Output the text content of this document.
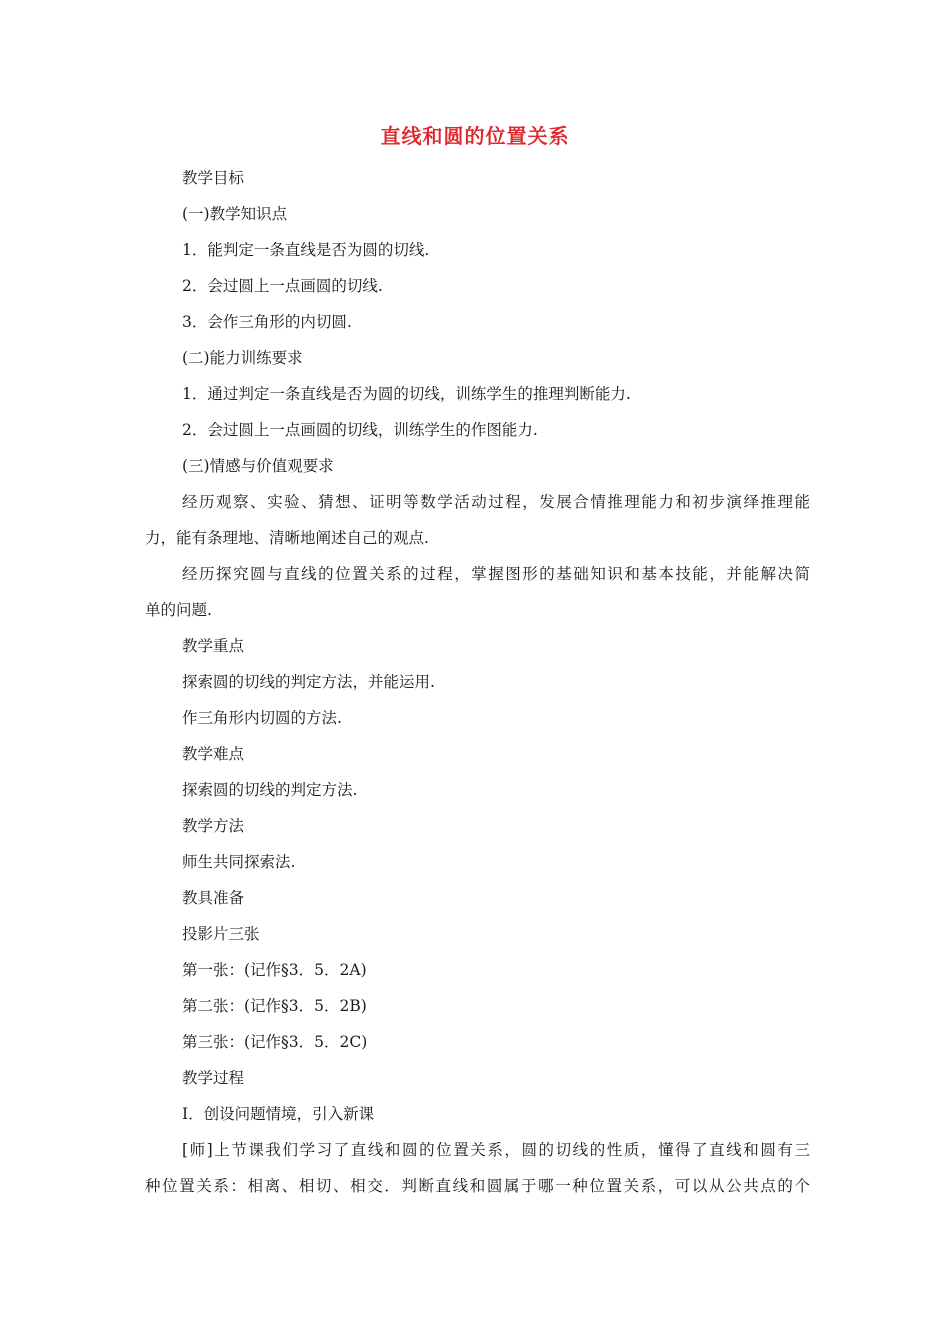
直线和圆的位置关系
教学目标
(一)教学知识点
1．能判定一条直线是否为圆的切线.
2．会过圆上一点画圆的切线.
3．会作三角形的内切圆.
(二)能力训练要求
1．通过判定一条直线是否为圆的切线，训练学生的推理判断能力.
2．会过圆上一点画圆的切线，训练学生的作图能力.
(三)情感与价值观要求
经历观察、实验、猜想、证明等数学活动过程，发展合情推理能力和初步演绎推理能
力，能有条理地、清晰地阐述自己的观点.
经历探究圆与直线的位置关系的过程，掌握图形的基础知识和基本技能，并能解决简
单的问题.
教学重点
探索圆的切线的判定方法，并能运用.
作三角形内切圆的方法.
教学难点
探索圆的切线的判定方法.
教学方法
师生共同探索法.
教具准备
投影片三张
第一张：(记作§3．5．2A)
第二张：(记作§3．5．2B)
第三张：(记作§3．5．2C)
教学过程
Ⅰ．创设问题情境，引入新课
[师]上节课我们学习了直线和圆的位置关系，圆的切线的性质，懂得了直线和圆有三
种位置关系：相离、相切、相交．判断直线和圆属于哪一种位置关系，可以从公共点的个
